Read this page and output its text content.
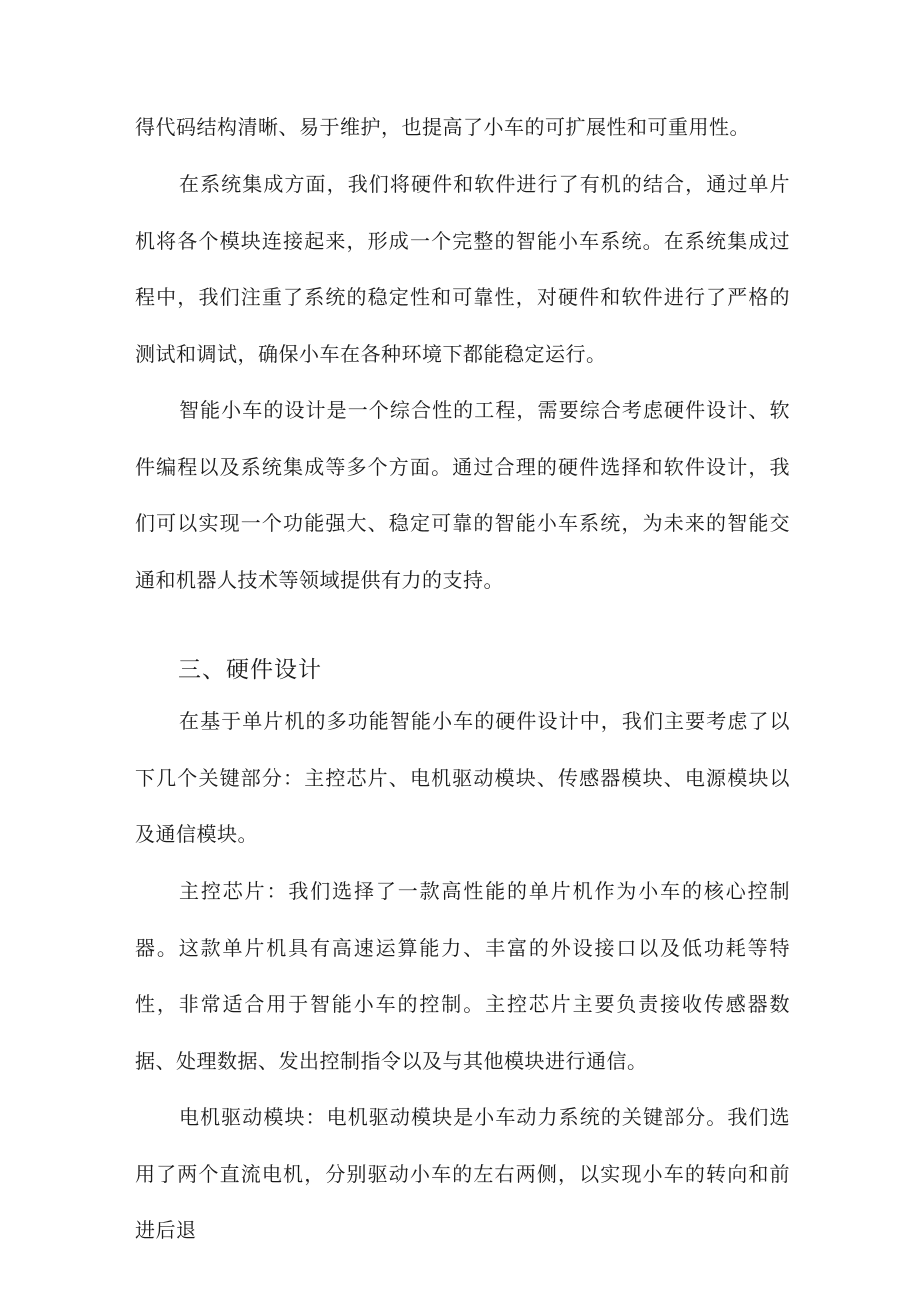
得代码结构清晰、易于维护，也提高了小车的可扩展性和可重用性。

在系统集成方面，我们将硬件和软件进行了有机的结合，通过单片机将各个模块连接起来，形成一个完整的智能小车系统。在系统集成过程中，我们注重了系统的稳定性和可靠性，对硬件和软件进行了严格的测试和调试，确保小车在各种环境下都能稳定运行。

智能小车的设计是一个综合性的工程，需要综合考虑硬件设计、软件编程以及系统集成等多个方面。通过合理的硬件选择和软件设计，我们可以实现一个功能强大、稳定可靠的智能小车系统，为未来的智能交通和机器人技术等领域提供有力的支持。

三、硬件设计

在基于单片机的多功能智能小车的硬件设计中，我们主要考虑了以下几个关键部分：主控芯片、电机驱动模块、传感器模块、电源模块以及通信模块。

主控芯片：我们选择了一款高性能的单片机作为小车的核心控制器。这款单片机具有高速运算能力、丰富的外设接口以及低功耗等特性，非常适合用于智能小车的控制。主控芯片主要负责接收传感器数据、处理数据、发出控制指令以及与其他模块进行通信。

电机驱动模块：电机驱动模块是小车动力系统的关键部分。我们选用了两个直流电机，分别驱动小车的左右两侧，以实现小车的转向和前进后退
